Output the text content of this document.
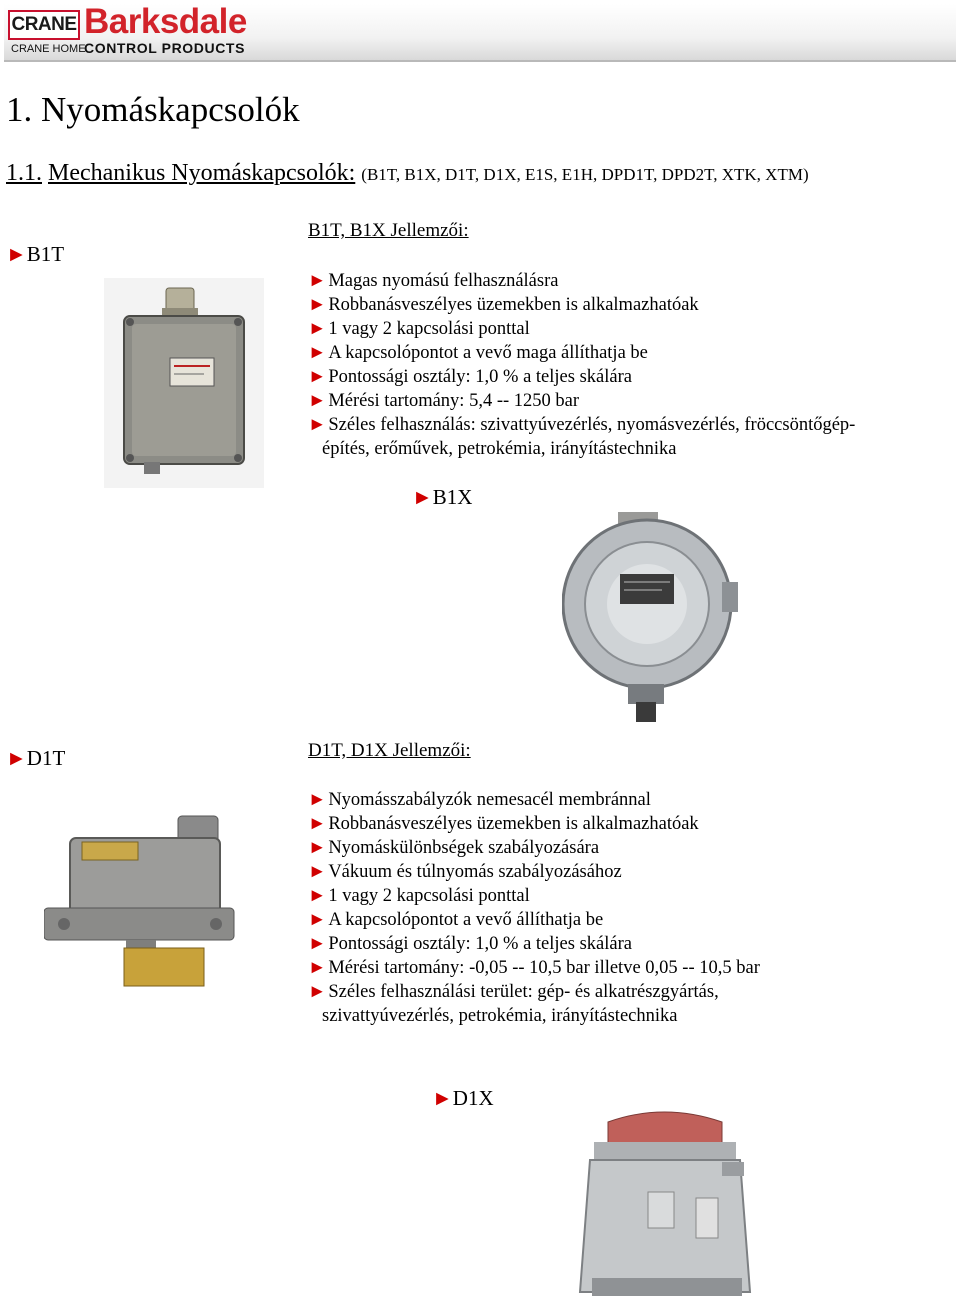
CRANE Barksdale
CRANE HOME
CONTROL PRODUCTS
1. Nyomáskapcsolók
1.1. Mechanikus Nyomáskapcsolók: (B1T, B1X, D1T, D1X, E1S, E1H, DPD1T, DPD2T, XTK, XTM)
►B1T
B1T, B1X Jellemzői:
► Magas nyomású felhasználásra
► Robbanásveszélyes üzemekben is alkalmazhatóak
► 1 vagy 2 kapcsolási ponttal
► A kapcsolópontot a vevő maga állíthatja be
► Pontossági osztály: 1,0 % a teljes skálára
► Mérési tartomány: 5,4 -- 1250 bar
► Széles felhasználás: szivattyúvezérlés, nyomásvezérlés, fröccsöntőgép-
építés, erőművek, petrokémia, irányítástechnika
►B1X
►D1T	D1T, D1X Jellemzői:
► Nyomásszabályzók nemesacél membránnal
► Robbanásveszélyes üzemekben is alkalmazhatóak
► Nyomáskülönbségek szabályozására
► Vákuum és túlnyomás szabályozásához
► 1 vagy 2 kapcsolási ponttal
► A kapcsolópontot a vevő állíthatja be
► Pontossági osztály: 1,0 % a teljes skálára
► Mérési tartomány: -0,05 -- 10,5 bar illetve 0,05 -- 10,5 bar
► Széles felhasználási terület: gép- és alkatrészgyártás,
szivattyúvezérlés, petrokémia, irányítástechnika
►D1X
